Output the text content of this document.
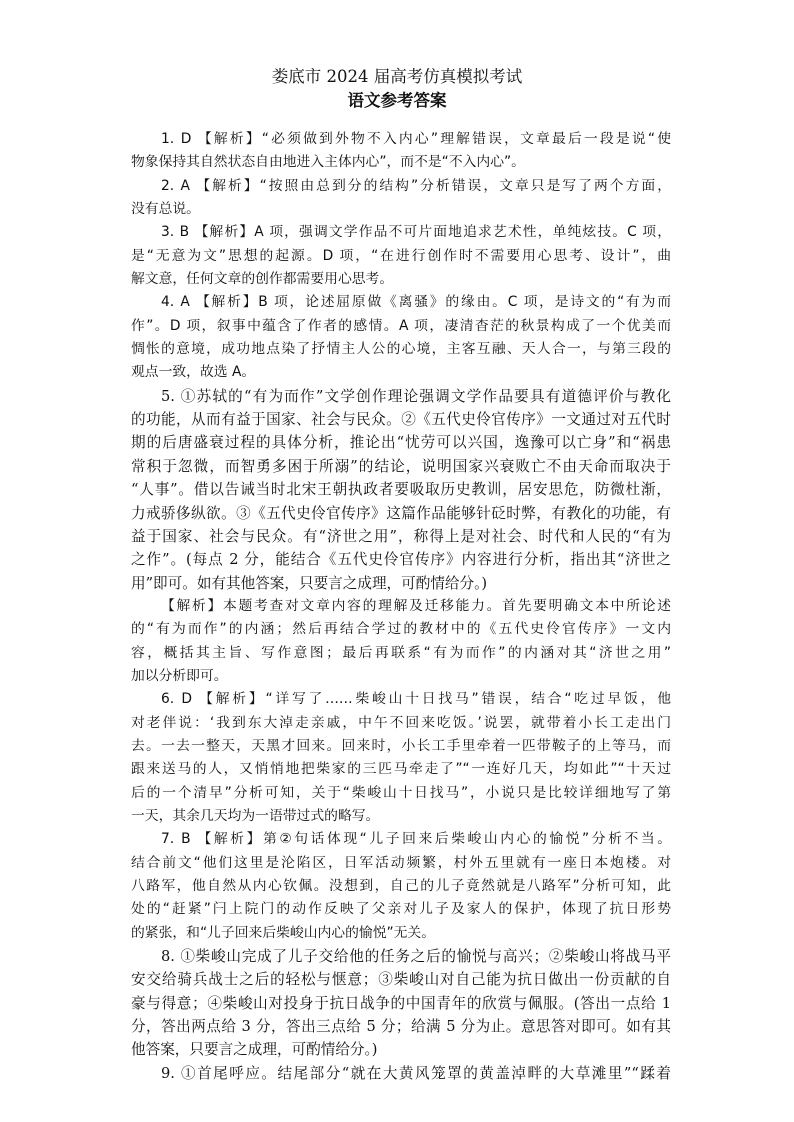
娄底市 2024 届高考仿真模拟考试
语文参考答案
1. D 【解析】“必须做到外物不入内心”理解错误，文章最后一段是说“使
物象保持其自然状态自由地进入主体内心”，而不是“不入内心”。
2. A 【解析】“按照由总到分的结构”分析错误，文章只是写了两个方面，
没有总说。
3. B 【解析】A 项，强调文学作品不可片面地追求艺术性，单纯炫技。C 项，
是“无意为文”思想的起源。D 项，“在进行创作时不需要用心思考、设计”，曲
解文意，任何文章的创作都需要用心思考。
4. A 【解析】B 项，论述屈原做《离骚》的缘由。C 项，是诗文的“有为而
作”。D 项，叙事中蕴含了作者的感情。A 项，凄清杳茫的秋景构成了一个优美而
惆怅的意境，成功地点染了抒情主人公的心境，主客互融、天人合一，与第三段的
观点一致，故选 A。
5. ①苏轼的“有为而作”文学创作理论强调文学作品要具有道德评价与教化
的功能，从而有益于国家、社会与民众。②《五代史伶官传序》一文通过对五代时
期的后唐盛衰过程的具体分析，推论出“忧劳可以兴国，逸豫可以亡身”和“祸患
常积于忽微，而智勇多困于所溺”的结论，说明国家兴衰败亡不由天命而取决于
“人事”。借以告诫当时北宋王朝执政者要吸取历史教训，居安思危，防微杜渐，
力戒骄侈纵欲。③《五代史伶官传序》这篇作品能够针砭时弊，有教化的功能，有
益于国家、社会与民众。有“济世之用”，称得上是对社会、时代和人民的“有为
之作”。(每点 2 分，能结合《五代史伶官传序》内容进行分析，指出其“济世之
用”即可。如有其他答案，只要言之成理，可酌情给分。)
【解析】本题考查对文章内容的理解及迁移能力。首先要明确文本中所论述
的“有为而作”的内涵；然后再结合学过的教材中的《五代史伶官传序》一文内
容，概括其主旨、写作意图；最后再联系“有为而作”的内涵对其“济世之用”
加以分析即可。
6. D 【解析】“详写了……柴峻山十日找马”错误，结合“吃过早饭，他
对老伴说：‘我到东大淖走亲戚，中午不回来吃饭。’说罢，就带着小长工走出门
去。一去一整天，天黑才回来。回来时，小长工手里牵着一匹带鞍子的上等马，而
跟来送马的人，又悄悄地把柴家的三匹马牵走了”“一连好几天，均如此”“十天过
后的一个清早”分析可知，关于“柴峻山十日找马”，小说只是比较详细地写了第
一天，其余几天均为一语带过式的略写。
7. B 【解析】第②句话体现“儿子回来后柴峻山内心的愉悦”分析不当。
结合前文“他们这里是沦陷区，日军活动频繁，村外五里就有一座日本炮楼。对
八路军，他自然从内心钦佩。没想到，自己的儿子竟然就是八路军”分析可知，此
处的“赶紧”闩上院门的动作反映了父亲对儿子及家人的保护，体现了抗日形势
的紧张，和“儿子回来后柴峻山内心的愉悦”无关。
8. ①柴峻山完成了儿子交给他的任务之后的愉悦与高兴；②柴峻山将战马平
安交给骑兵战士之后的轻松与惬意；③柴峻山对自己能为抗日做出一份贡献的自
豪与得意；④柴峻山对投身于抗日战争的中国青年的欣赏与佩服。(答出一点给 1
分，答出两点给 3 分，答出三点给 5 分；给满 5 分为止。意思答对即可。如有其
他答案，只要言之成理，可酌情给分。)
9. ①首尾呼应。结尾部分“就在大黄风笼罩的黄盖淖畔的大草滩里”“蹂着
